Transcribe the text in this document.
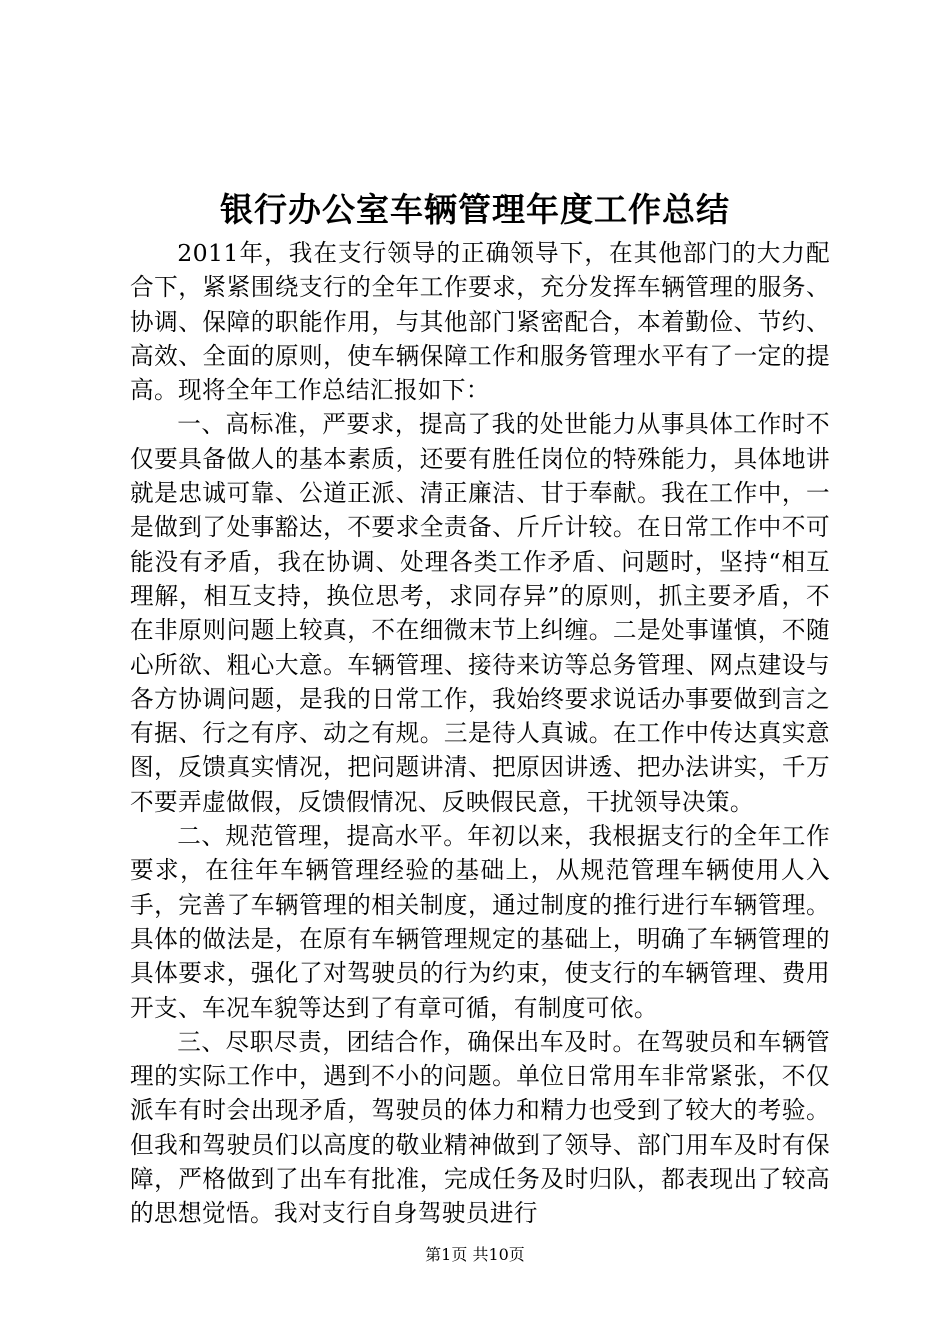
银行办公室车辆管理年度工作总结

2011年，我在支行领导的正确领导下，在其他部门的大力配合下，紧紧围绕支行的全年工作要求，充分发挥车辆管理的服务、协调、保障的职能作用，与其他部门紧密配合，本着勤俭、节约、高效、全面的原则，使车辆保障工作和服务管理水平有了一定的提高。现将全年工作总结汇报如下：

一、高标准，严要求，提高了我的处世能力从事具体工作时不仅要具备做人的基本素质，还要有胜任岗位的特殊能力，具体地讲就是忠诚可靠、公道正派、清正廉洁、甘于奉献。我在工作中，一是做到了处事豁达，不要求全责备、斤斤计较。在日常工作中不可能没有矛盾，我在协调、处理各类工作矛盾、问题时，坚持“相互理解，相互支持，换位思考，求同存异”的原则，抓主要矛盾，不在非原则问题上较真，不在细微末节上纠缠。二是处事谨慎，不随心所欲、粗心大意。车辆管理、接待来访等总务管理、网点建设与各方协调问题，是我的日常工作，我始终要求说话办事要做到言之有据、行之有序、动之有规。三是待人真诚。在工作中传达真实意图，反馈真实情况，把问题讲清、把原因讲透、把办法讲实，千万不要弄虚做假，反馈假情况、反映假民意，干扰领导决策。

二、规范管理，提高水平。年初以来，我根据支行的全年工作要求，在往年车辆管理经验的基础上，从规范管理车辆使用人入手，完善了车辆管理的相关制度，通过制度的推行进行车辆管理。具体的做法是，在原有车辆管理规定的基础上，明确了车辆管理的具体要求，强化了对驾驶员的行为约束，使支行的车辆管理、费用开支、车况车貌等达到了有章可循，有制度可依。

三、尽职尽责，团结合作，确保出车及时。在驾驶员和车辆管理的实际工作中，遇到不小的问题。单位日常用车非常紧张，不仅派车有时会出现矛盾，驾驶员的体力和精力也受到了较大的考验。但我和驾驶员们以高度的敬业精神做到了领导、部门用车及时有保障，严格做到了出车有批准，完成任务及时归队，都表现出了较高的思想觉悟。我对支行自身驾驶员进行

第1页 共10页
